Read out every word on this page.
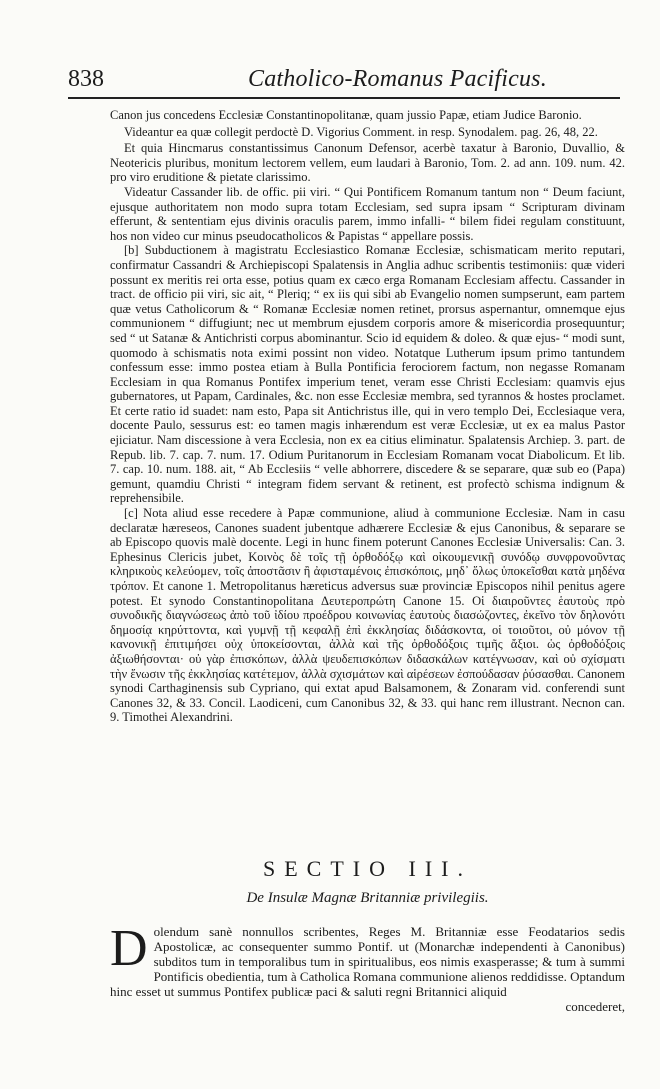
838	Catholico-Romanus Pacificus.

Canon jus concedens Ecclesiæ Constantinopolitanæ, quam jussio Papæ, etiam Judice Baronio.

Videantur ea quæ collegit perdoctè D. Vigorius Comment. in resp. Synodalem. pag. 26, 48, 22.

Et quia Hincmarus constantissimus Canonum Defensor, acerbè taxatur à Baronio, Duvallio, & Neotericis pluribus, monitum lectorem vellem, eum laudari à Baronio, Tom. 2. ad ann. 109. num. 42. pro viro eruditione & pietate clarissimo.

Videatur Cassander lib. de offic. pii viri. “ Qui Pontificem Romanum tantum non “ Deum faciunt, ejusque authoritatem non modo supra totam Ecclesiam, sed supra ipsam “ Scripturam divinam efferunt, & sententiam ejus divinis oraculis parem, immo infalli- “ bilem fidei regulam constituunt, hos non video cur minus pseudocatholicos & Papistas “ appellare possis.

[b] Subductionem à magistratu Ecclesiastico Romanæ Ecclesiæ, schismaticam merito reputari, confirmatur Cassandri & Archiepiscopi Spalatensis in Anglia adhuc scribentis testimoniis: quæ videri possunt ex meritis rei orta esse, potius quam ex cæco erga Romanam Ecclesiam affectu. Cassander in tract. de officio pii viri, sic ait, “ Pleriq; “ ex iis qui sibi ab Evangelio nomen sumpserunt, eam partem quæ vetus Catholicorum & “ Romanæ Ecclesiæ nomen retinet, prorsus aspernantur, omnemque ejus communionem “ diffugiunt; nec ut membrum ejusdem corporis amore & misericordia prosequuntur; sed “ ut Satanæ & Antichristi corpus abominantur. Scio id equidem & doleo. & quæ ejus- “ modi sunt, quomodo à schismatis nota eximi possint non video. Notatque Lutherum ipsum primo tantundem confessum esse: immo postea etiam à Bulla Pontificia ferociorem factum, non negasse Romanam Ecclesiam in qua Romanus Pontifex imperium tenet, veram esse Christi Ecclesiam: quamvis ejus gubernatores, ut Papam, Cardinales, &c. non esse Ecclesiæ membra, sed tyrannos & hostes proclamet. Et certe ratio id suadet: nam esto, Papa sit Antichristus ille, qui in vero templo Dei, Ecclesiaque vera, docente Paulo, sessurus est: eo tamen magis inhærendum est veræ Ecclesiæ, ut ex ea malus Pastor ejiciatur. Nam discessione à vera Ecclesia, non ex ea citius eliminatur. Spalatensis Archiep. 3. part. de Repub. lib. 7. cap. 7. num. 17. Odium Puritanorum in Ecclesiam Romanam vocat Diabolicum. Et lib. 7. cap. 10. num. 188. ait, “ Ab Ecclesiis “ velle abhorrere, discedere & se separare, quæ sub eo (Papa) gemunt, quamdiu Christi “ integram fidem servant & retinent, est profectò schisma indignum & reprehensibile.

[c] Nota aliud esse recedere à Papæ communione, aliud à communione Ecclesiæ. Nam in casu declaratæ hæreseos, Canones suadent jubentque adhærere Ecclesiæ & ejus Canonibus, & separare se ab Episcopo quovis malè docente. Legi in hunc finem poterunt Canones Ecclesiæ Universalis: Can. 3. Ephesinus Clericis jubet, Κοινὸς δὲ τοῖς τῇ ὀρθοδόξῳ καὶ οἰκουμενικῇ συνόδῳ συνφρονοῦντας κληρικοὺς κελεύομεν, τοῖς ἀποστᾶσιν ἢ ἀφισταμένοις ἐπισκόποις, μηδ᾽ ὅλως ὑποκεῖσθαι κατὰ μηδένα τρόπον. Et canone 1. Metropolitanus hæreticus adversus suæ provinciæ Episcopos nihil penitus agere potest. Et synodo Constantinopolitana Δευτεροπρώτη Canone 15. Οἱ διαιροῦντες ἑαυτοὺς πρὸ συνοδικῆς διαγνώσεως ἀπὸ τοῦ ἰδίου προέδρου κοινωνίας ἑαυτοὺς διασώζοντες, ἐκεῖνο τὸν δηλονότι δημοσίᾳ κηρύττοντα, καὶ γυμνῇ τῇ κεφαλῇ ἐπὶ ἐκκλησίας διδάσκοντα, οἱ τοιοῦτοι, οὐ μόνον τῇ κανονικῇ ἐπιτιμήσει οὐχ ὑποκείσονται, ἀλλὰ καὶ τῆς ὀρθοδόξοις τιμῆς ἄξιοι. ὡς ὀρθοδόξοις ἀξιωθήσονται· οὐ γὰρ ἐπισκόπων, ἀλλὰ ψευδεπισκόπων διδασκάλων κατέγνωσαν, καὶ οὐ σχίσματι τὴν ἕνωσιν τῆς ἐκκλησίας κατέτεμον, ἀλλὰ σχισμάτων καὶ αἱρέσεων ἐσπούδασαν ῥύσασθαι. Canonem synodi Carthaginensis sub Cypriano, qui extat apud Balsamonem, & Zonaram vid. conferendi sunt Canones 32, & 33. Concil. Laodiceni, cum Canonibus 32, & 33. qui hanc rem illustrant. Necnon can. 9. Timothei Alexandrini.

SECTIO III.
De Insulæ Magnæ Britanniæ privilegiis.
D olendum sanè nonnullos scribentes, Reges M. Britanniæ esse Feodatarios sedis Apostolicæ, ac consequenter summo Pontif. ut (Monarchæ independenti à Canonibus) subditos tum in temporalibus tum in spiritualibus, eos nimis exasperasse; & tum à summi Pontificis obedientia, tum à Catholica Romana communione alienos reddidisse. Optandum hinc esset ut summus Pontifex publicæ paci & saluti regni Britannici aliquid

concederet,
